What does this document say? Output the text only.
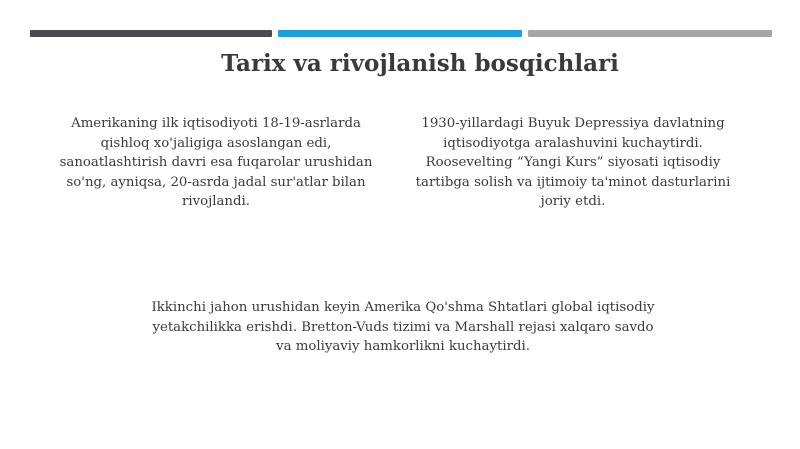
Tarix va rivojlanish bosqichlari
Amerikaning ilk iqtisodiyoti 18-19-asrlarda qishloq xo'jaligiga asoslangan edi, sanoatlashtirish davri esa fuqarolar urushidan so'ng, ayniqsa, 20-asrda jadal sur'atlar bilan rivojlandi.
1930-yillardagi Buyuk Depressiya davlatning iqtisodiyotga aralashuvini kuchaytirdi. Roosevelting “Yangi Kurs” siyosati iqtisodiy tartibga solish va ijtimoiy ta'minot dasturlarini joriy etdi.
Ikkinchi jahon urushidan keyin Amerika Qo'shma Shtatlari global iqtisodiy yetakchilikka erishdi. Bretton-Vuds tizimi va Marshall rejasi xalqaro savdo va moliyaviy hamkorlikni kuchaytirdi.
